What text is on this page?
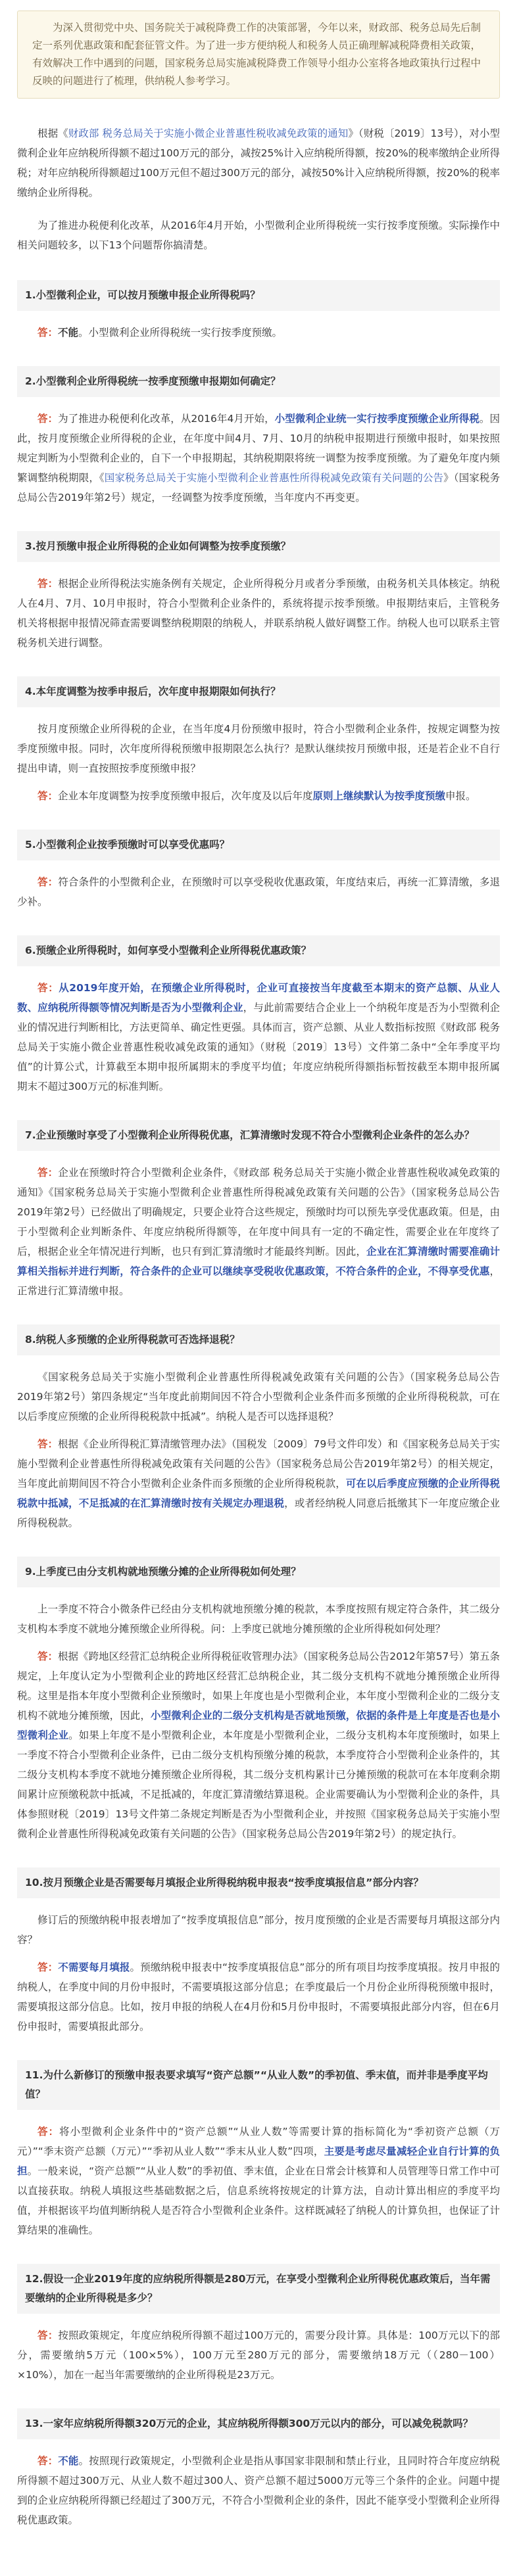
为深入贯彻党中央、国务院关于减税降费工作的决策部署，今年以来，财政部、税务总局先后制定一系列优惠政策和配套征管文件。为了进一步方便纳税人和税务人员正确理解减税降费相关政策，有效解决工作中遇到的问题，国家税务总局实施减税降费工作领导小组办公室将各地政策执行过程中反映的问题进行了梳理，供纳税人参考学习。

根据《财政部 税务总局关于实施小微企业普惠性税收减免政策的通知》（财税〔2019〕13号），对小型微利企业年应纳税所得额不超过100万元的部分，减按25%计入应纳税所得额，按20%的税率缴纳企业所得税；对年应纳税所得额超过100万元但不超过300万元的部分，减按50%计入应纳税所得额，按20%的税率缴纳企业所得税。

为了推进办税便利化改革，从2016年4月开始，小型微利企业所得税统一实行按季度预缴。实际操作中相关问题较多，以下13个问题帮你搞清楚。

1.小型微利企业，可以按月预缴申报企业所得税吗？

答：不能。小型微利企业所得税统一实行按季度预缴。

2.小型微利企业所得税统一按季度预缴申报期如何确定？

答：为了推进办税便利化改革，从2016年4月开始，小型微利企业统一实行按季度预缴企业所得税。因此，按月度预缴企业所得税的企业，在年度中间4月、7月、10月的纳税申报期进行预缴申报时，如果按照规定判断为小型微利企业的，自下一个申报期起，其纳税期限将统一调整为按季度预缴。为了避免年度内频繁调整纳税期限，《国家税务总局关于实施小型微利企业普惠性所得税减免政策有关问题的公告》（国家税务总局公告2019年第2号）规定，一经调整为按季度预缴，当年度内不再变更。

3.按月预缴申报企业所得税的企业如何调整为按季度预缴？

答：根据企业所得税法实施条例有关规定，企业所得税分月或者分季预缴，由税务机关具体核定。纳税人在4月、7月、10月申报时，符合小型微利企业条件的，系统将提示按季预缴。申报期结束后，主管税务机关将根据申报情况筛查需要调整纳税期限的纳税人，并联系纳税人做好调整工作。纳税人也可以联系主管税务机关进行调整。

4.本年度调整为按季申报后，次年度申报期限如何执行？

按月度预缴企业所得税的企业，在当年度4月份预缴申报时，符合小型微利企业条件，按规定调整为按季度预缴申报。同时，次年度所得税预缴申报期限怎么执行？是默认继续按月预缴申报，还是若企业不自行提出申请，则一直按照按季度预缴申报？

答：企业本年度调整为按季度预缴申报后，次年度及以后年度原则上继续默认为按季度预缴申报。

5.小型微利企业按季预缴时可以享受优惠吗？

答：符合条件的小型微利企业，在预缴时可以享受税收优惠政策，年度结束后，再统一汇算清缴，多退少补。

6.预缴企业所得税时，如何享受小型微利企业所得税优惠政策？

答：从2019年度开始，在预缴企业所得税时，企业可直接按当年度截至本期末的资产总额、从业人数、应纳税所得额等情况判断是否为小型微利企业，与此前需要结合企业上一个纳税年度是否为小型微利企业的情况进行判断相比，方法更简单、确定性更强。具体而言，资产总额、从业人数指标按照《财政部 税务总局关于实施小微企业普惠性税收减免政策的通知》（财税〔2019〕13号）文件第二条中“全年季度平均值”的计算公式，计算截至本期申报所属期末的季度平均值；年度应纳税所得额指标暂按截至本期申报所属期末不超过300万元的标准判断。

7.企业预缴时享受了小型微利企业所得税优惠，汇算清缴时发现不符合小型微利企业条件的怎么办？

答：企业在预缴时符合小型微利企业条件，《财政部 税务总局关于实施小微企业普惠性税收减免政策的通知》《国家税务总局关于实施小型微利企业普惠性所得税减免政策有关问题的公告》（国家税务总局公告2019年第2号）已经做出了明确规定，只要企业符合这些规定，预缴时均可以预先享受优惠政策。但是，由于小型微利企业判断条件、年度应纳税所得额等，在年度中间具有一定的不确定性，需要企业在年度终了后，根据企业全年情况进行判断，也只有到汇算清缴时才能最终判断。因此，企业在汇算清缴时需要准确计算相关指标并进行判断，符合条件的企业可以继续享受税收优惠政策，不符合条件的企业，不得享受优惠，正常进行汇算清缴申报。

8.纳税人多预缴的企业所得税款可否选择退税？

《国家税务总局关于实施小型微利企业普惠性所得税减免政策有关问题的公告》（国家税务总局公告2019年第2号）第四条规定“当年度此前期间因不符合小型微利企业条件而多预缴的企业所得税税款，可在以后季度应预缴的企业所得税税款中抵减”。纳税人是否可以选择退税？

答：根据《企业所得税汇算清缴管理办法》（国税发〔2009〕79号文件印发）和《国家税务总局关于实施小型微利企业普惠性所得税减免政策有关问题的公告》（国家税务总局公告2019年第2号）的相关规定，当年度此前期间因不符合小型微利企业条件而多预缴的企业所得税税款，可在以后季度应预缴的企业所得税税款中抵减，不足抵减的在汇算清缴时按有关规定办理退税，或者经纳税人同意后抵缴其下一年度应缴企业所得税税款。

9.上季度已由分支机构就地预缴分摊的企业所得税如何处理？

上一季度不符合小微条件已经由分支机构就地预缴分摊的税款，本季度按照有规定符合条件，其二级分支机构本季度不就地分摊预缴企业所得税。问：上季度已就地分摊预缴的企业所得税如何处理？

答：根据《跨地区经营汇总纳税企业所得税征收管理办法》（国家税务总局公告2012年第57号）第五条规定，上年度认定为小型微利企业的跨地区经营汇总纳税企业，其二级分支机构不就地分摊预缴企业所得税。这里是指本年度小型微利企业预缴时，如果上年度也是小型微利企业，本年度小型微利企业的二级分支机构不就地分摊预缴，因此，小型微利企业的二级分支机构是否就地预缴，依据的条件是上年度是否也是小型微利企业。如果上年度不是小型微利企业，本年度是小型微利企业，二级分支机构本年度预缴时，如果上一季度不符合小型微利企业条件，已由二级分支机构预缴分摊的税款，本季度符合小型微利企业条件的，其二级分支机构本季度不就地分摊预缴企业所得税，其二级分支机构累计已分摊预缴的税款可在本年度剩余期间累计应预缴税款中抵减，不足抵减的，年度汇算清缴结算退税。企业需要确认为小型微利企业的条件，具体参照财税〔2019〕13号文件第二条规定判断是否为小型微利企业，并按照《国家税务总局关于实施小型微利企业普惠性所得税减免政策有关问题的公告》（国家税务总局公告2019年第2号）的规定执行。

10.按月预缴企业是否需要每月填报企业所得税纳税申报表“按季度填报信息”部分内容？

修订后的预缴纳税申报表增加了“按季度填报信息”部分，按月度预缴的企业是否需要每月填报这部分内容？

答：不需要每月填报。预缴纳税申报表中“按季度填报信息”部分的所有项目均按季度填报。按月申报的纳税人，在季度中间的月份申报时，不需要填报这部分信息；在季度最后一个月份企业所得税预缴申报时，需要填报这部分信息。比如，按月申报的纳税人在4月份和5月份申报时，不需要填报此部分内容，但在6月份申报时，需要填报此部分。

11.为什么新修订的预缴申报表要求填写“资产总额”“从业人数”的季初值、季末值，而并非是季度平均值？

答：将小型微利企业条件中的“资产总额”“从业人数”等需要计算的指标简化为“季初资产总额（万元）”“季末资产总额（万元）”“季初从业人数”“季末从业人数”四项，主要是考虑尽量减轻企业自行计算的负担。一般来说，“资产总额”“从业人数”的季初值、季末值，企业在日常会计核算和人员管理等日常工作中可以直接获取。纳税人填报这些基础数据之后，信息系统将按规定的计算方法，自动计算出相应的季度平均值，并根据该平均值判断纳税人是否符合小型微利企业条件。这样既减轻了纳税人的计算负担，也保证了计算结果的准确性。

12.假设一企业2019年度的应纳税所得额是280万元，在享受小型微利企业所得税优惠政策后，当年需要缴纳的企业所得税是多少？

答：按照政策规定，年度应纳税所得额不超过100万元的，需要分段计算。具体是：100万元以下的部分，需要缴纳5万元（100×5%），100万元至280万元的部分，需要缴纳18万元（（280－100）×10%），加在一起当年需要缴纳的企业所得税是23万元。

13.一家年应纳税所得额320万元的企业，其应纳税所得额300万元以内的部分，可以减免税款吗？

答：不能。按照现行政策规定，小型微利企业是指从事国家非限制和禁止行业，且同时符合年度应纳税所得额不超过300万元、从业人数不超过300人、资产总额不超过5000万元等三个条件的企业。问题中提到的企业应纳税所得额已经超过了300万元，不符合小型微利企业的条件，因此不能享受小型微利企业所得税优惠政策。
